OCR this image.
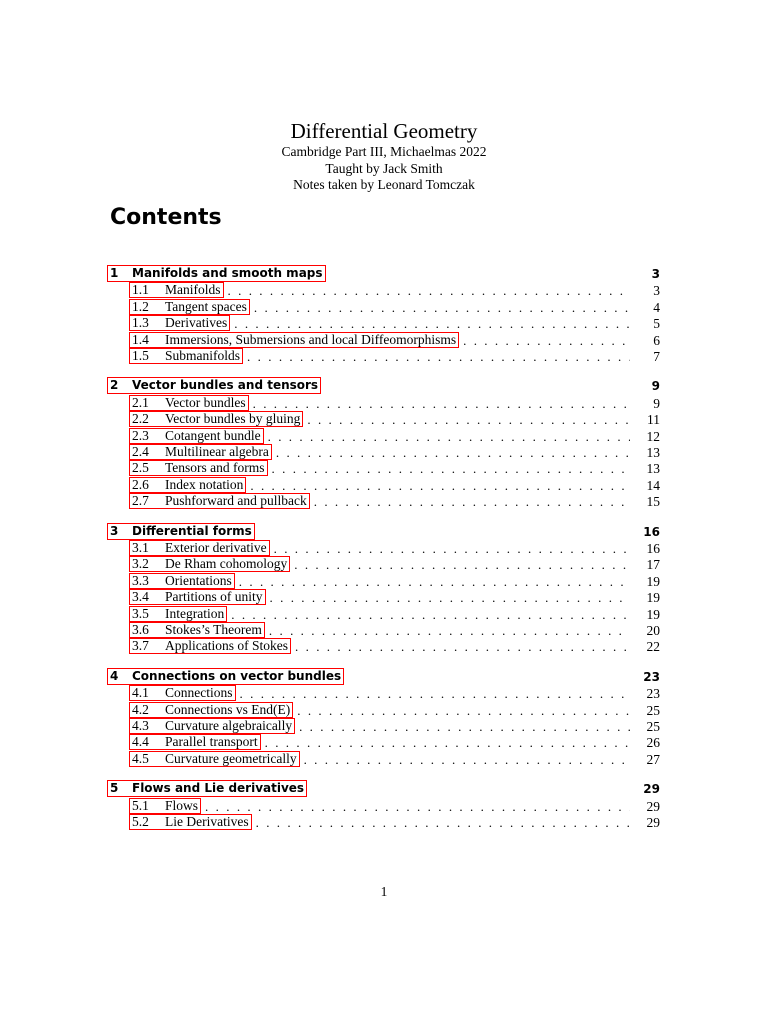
Differential Geometry
Cambridge Part III, Michaelmas 2022
Taught by Jack Smith
Notes taken by Leonard Tomczak
Contents
1	Manifolds and smooth maps	3
1.1	Manifolds . . .	3
1.2	Tangent spaces . . .	4
1.3	Derivatives . . .	5
1.4	Immersions, Submersions and local Diffeomorphisms . . .	6
1.5	Submanifolds . . .	7
2	Vector bundles and tensors	9
2.1	Vector bundles . . .	9
2.2	Vector bundles by gluing . . .	11
2.3	Cotangent bundle . . .	12
2.4	Multilinear algebra . . .	13
2.5	Tensors and forms . . .	13
2.6	Index notation . . .	14
2.7	Pushforward and pullback . . .	15
3	Differential forms	16
3.1	Exterior derivative . . .	16
3.2	De Rham cohomology . . .	17
3.3	Orientations . . .	19
3.4	Partitions of unity . . .	19
3.5	Integration . . .	19
3.6	Stokes’s Theorem . . .	20
3.7	Applications of Stokes . . .	22
4	Connections on vector bundles	23
4.1	Connections . . .	23
4.2	Connections vs End(E) . . .	25
4.3	Curvature algebraically . . .	25
4.4	Parallel transport . . .	26
4.5	Curvature geometrically . . .	27
5	Flows and Lie derivatives	29
5.1	Flows . . .	29
5.2	Lie Derivatives . . .	29
1
